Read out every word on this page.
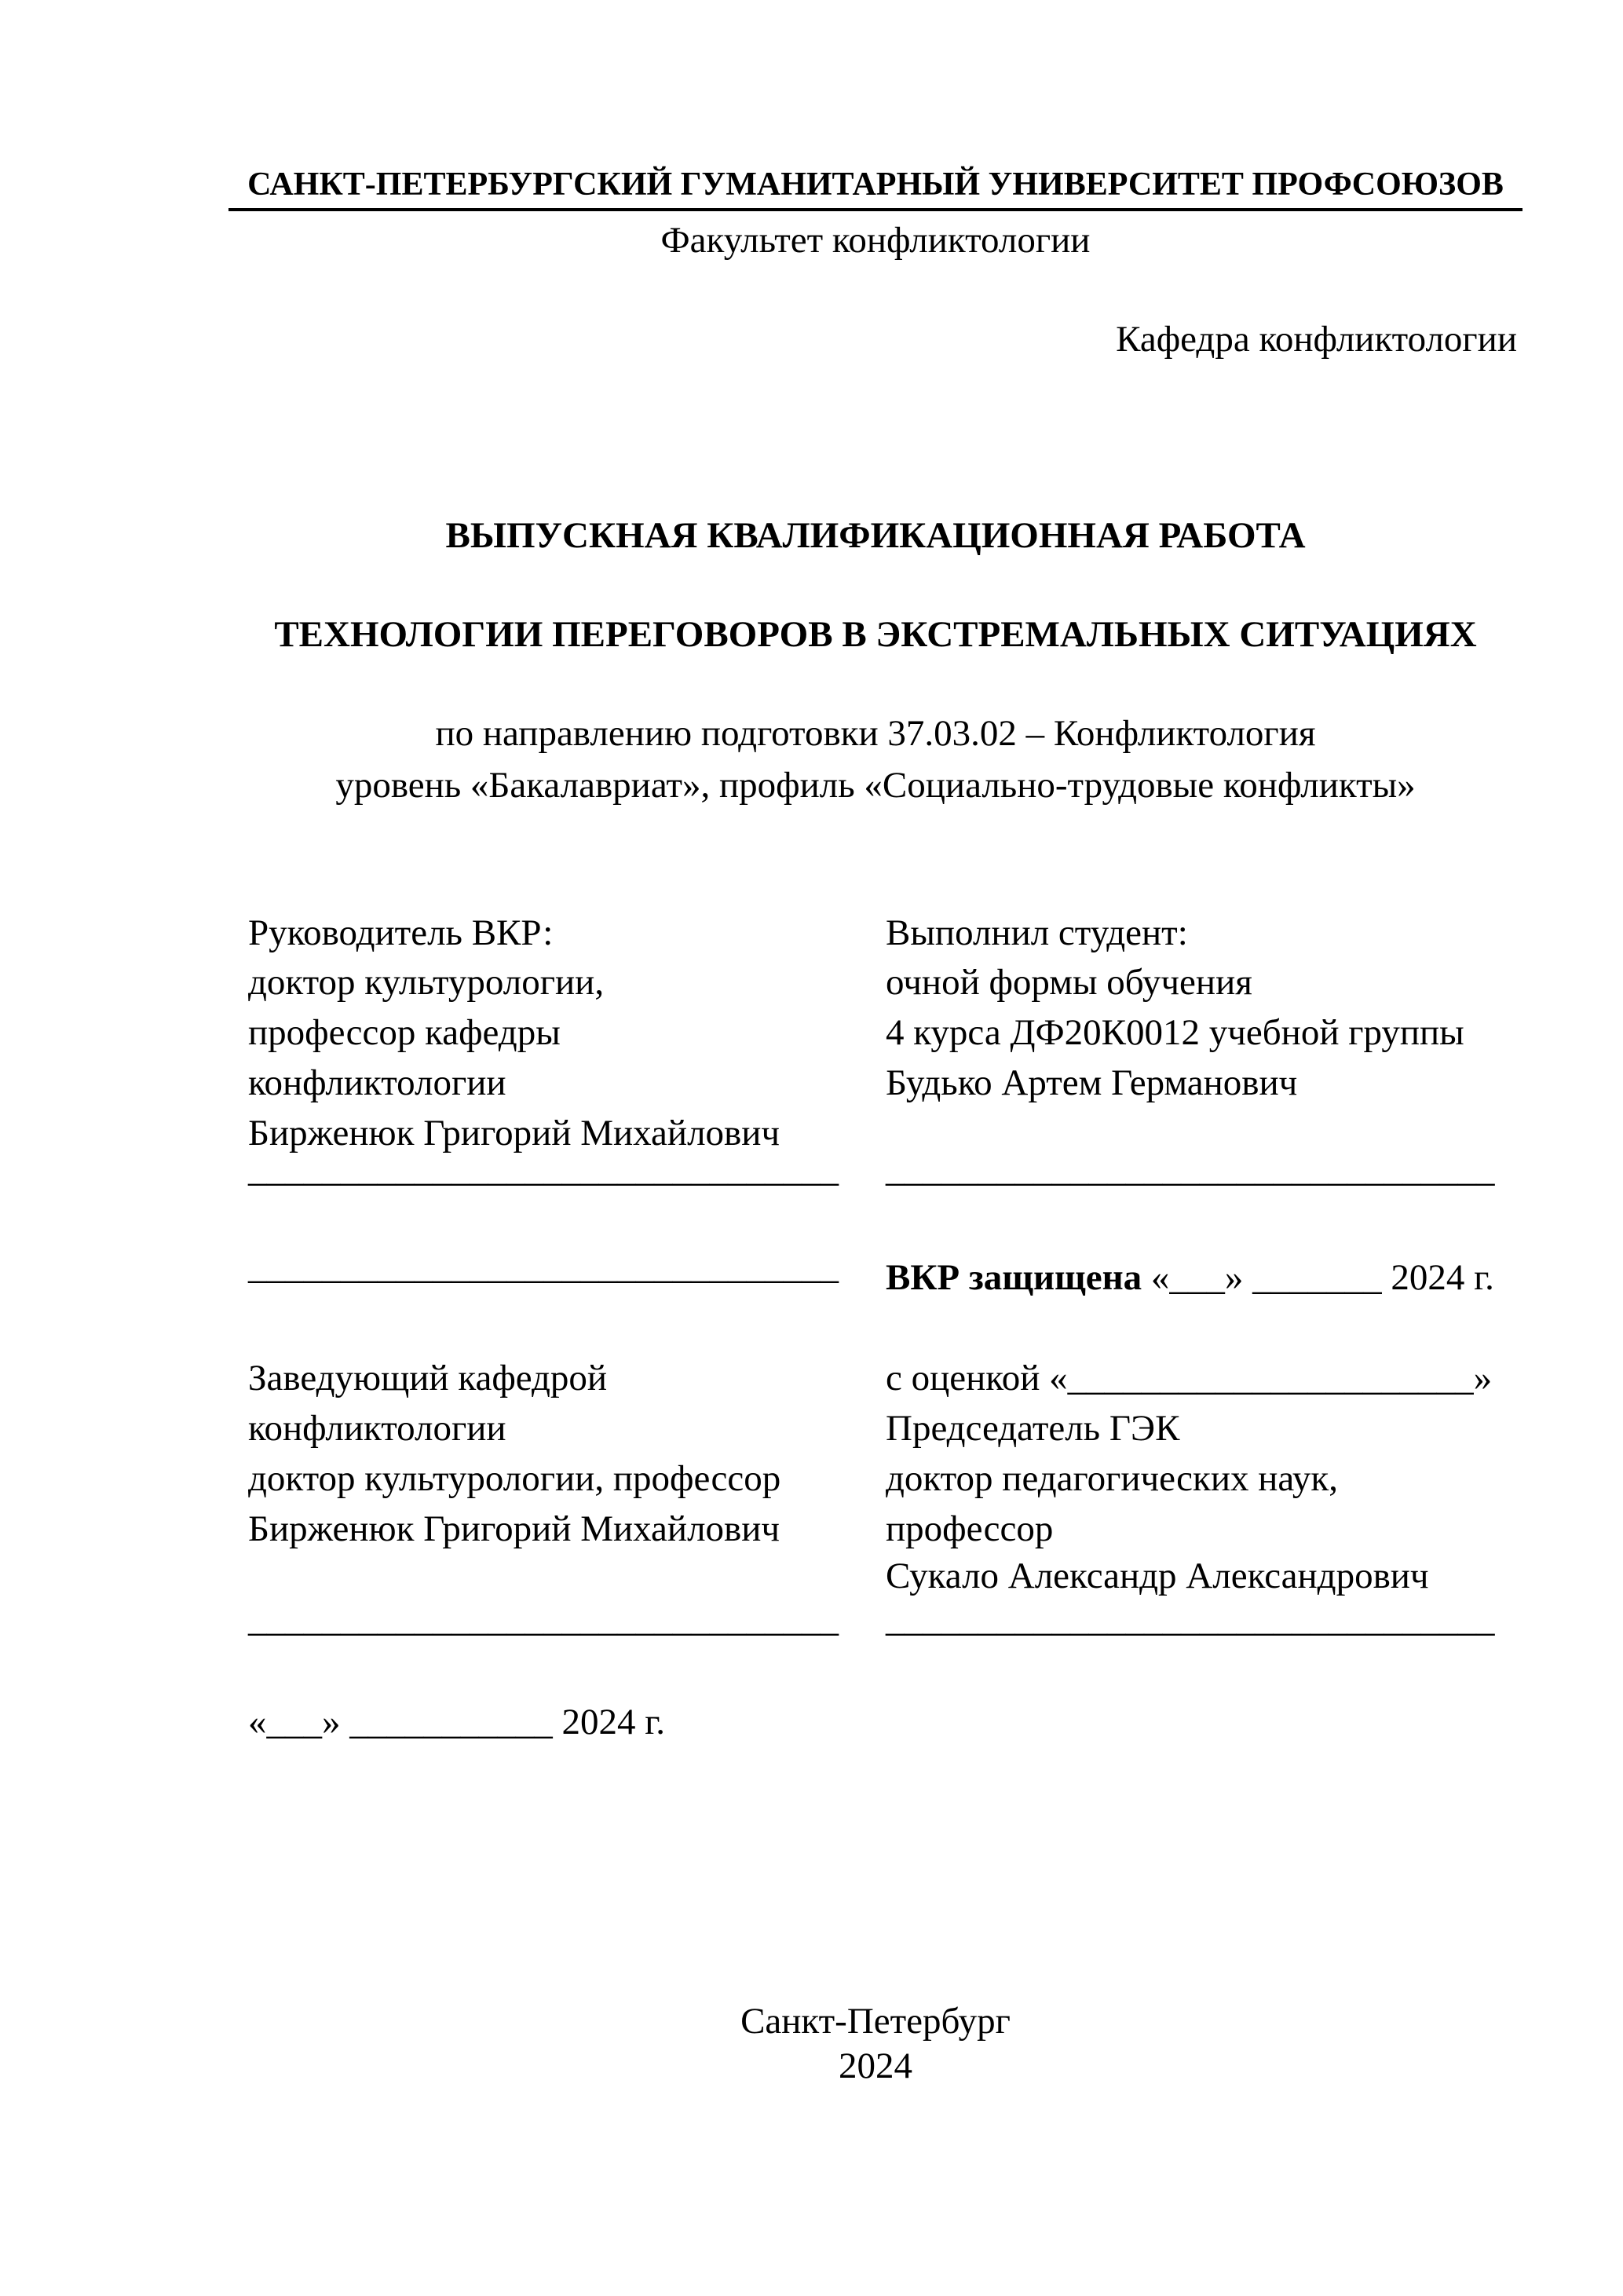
САНКТ-ПЕТЕРБУРГСКИЙ ГУМАНИТАРНЫЙ УНИВЕРСИТЕТ ПРОФСОЮЗОВ
Факультет конфликтологии
Кафедра конфликтологии
ВЫПУСКНАЯ КВАЛИФИКАЦИОННАЯ РАБОТА
ТЕХНОЛОГИИ ПЕРЕГОВОРОВ В ЭКСТРЕМАЛЬНЫХ СИТУАЦИЯХ
по направлению подготовки 37.03.02 – Конфликтология
уровень «Бакалавриат», профиль «Социально-трудовые конфликты»
Руководитель ВКР:
доктор культурологии,
профессор кафедры
конфликтологии
Бирженюк Григорий Михайлович
________________________________
________________________________
Выполнил студент:
очной формы обучения
4 курса ДФ20К0012 учебной группы
Будько Артем Германович
_________________________________
ВКР защищена «___» _______ 2024 г.
Заведующий кафедрой
конфликтологии
доктор культурологии, профессор
Бирженюк Григорий Михайлович
________________________________
«___» ___________ 2024 г.
с оценкой «______________________»
Председатель ГЭК
доктор педагогических наук,
профессор
Сукало Александр Александрович
_________________________________
Санкт-Петербург
2024
